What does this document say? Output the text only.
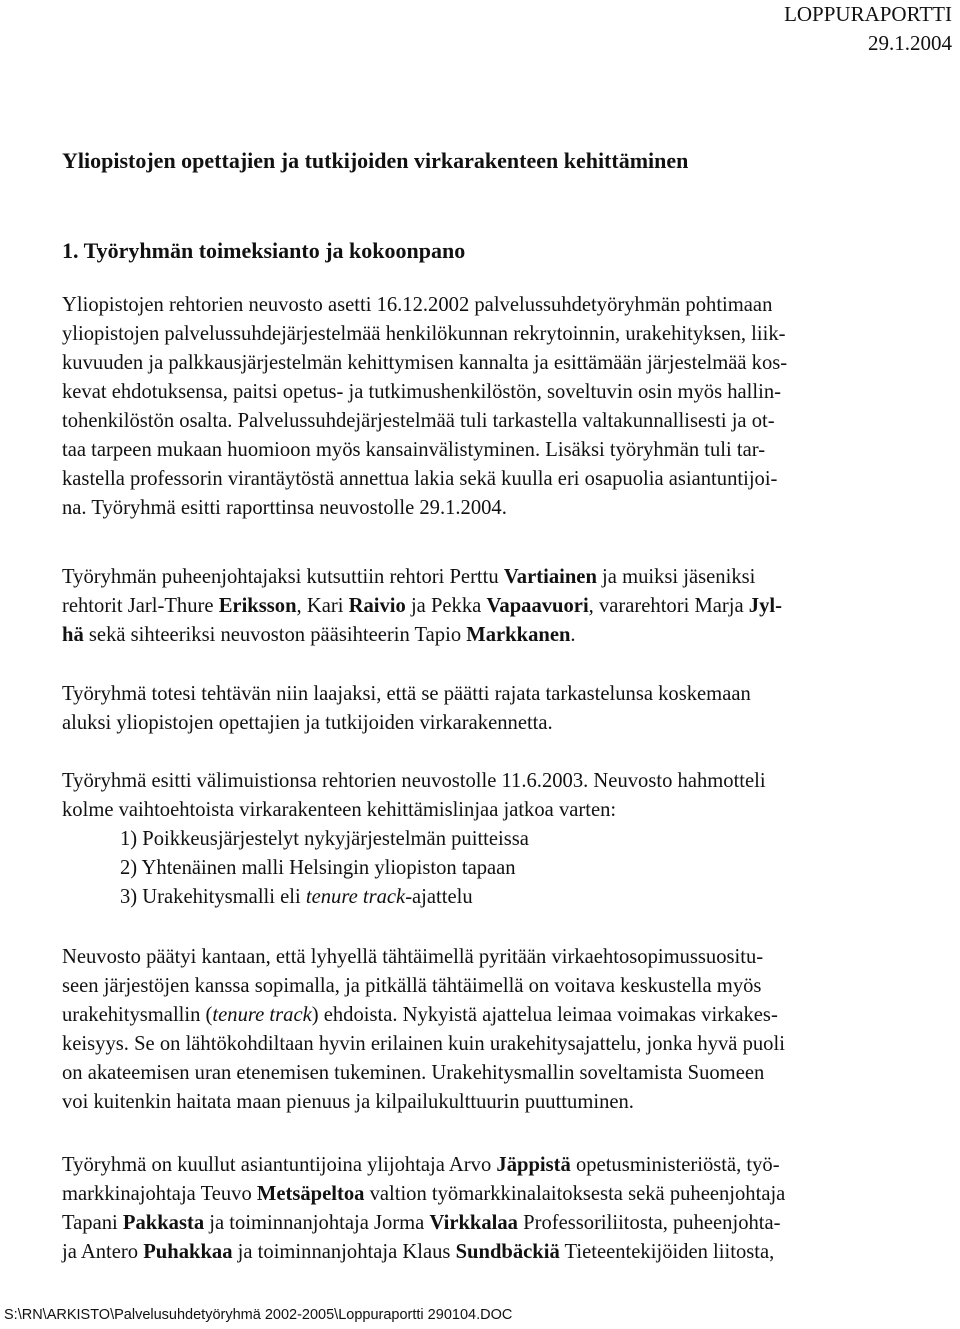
LOPPURAPORTTI
29.1.2004
Yliopistojen opettajien ja tutkijoiden virkarakenteen kehittäminen
1. Työryhmän toimeksianto ja kokoonpano
Yliopistojen rehtorien neuvosto asetti 16.12.2002 palvelussuhdetyöryhmän pohtimaan
yliopistojen palvelussuhdejärjestelmää henkilökunnan rekrytoinnin, urakehityksen, liik-
kuvuuden ja palkkausjärjestelmän kehittymisen kannalta ja esittämään järjestelmää kos-
kevat ehdotuksensa, paitsi opetus- ja tutkimushenkilöstön, soveltuvin osin myös hallin-
tohenkilöstön osalta. Palvelussuhdejärjestelmää tuli tarkastella valtakunnallisesti ja ot-
taa tarpeen mukaan huomioon myös kansainvälistyminen. Lisäksi työryhmän tuli tar-
kastella professorin virantäytöstä annettua lakia sekä kuulla eri osapuolia asiantuntijoi-
na. Työryhmä esitti raporttinsa neuvostolle 29.1.2004.
Työryhmän puheenjohtajaksi kutsuttiin rehtori Perttu Vartiainen ja muiksi jäseniksi
rehtorit Jarl-Thure Eriksson, Kari Raivio ja Pekka Vapaavuori, vararehtori Marja Jyl-
hä sekä sihteeriksi neuvoston pääsihteerin Tapio Markkanen.
Työryhmä totesi tehtävän niin laajaksi, että se päätti rajata tarkastelunsa koskemaan
aluksi yliopistojen opettajien ja tutkijoiden virkarakennetta.
Työryhmä esitti välimuistionsa rehtorien neuvostolle 11.6.2003. Neuvosto hahmotteli
kolme vaihtoehtoista virkarakenteen kehittämislinjaa jatkoa varten:
1) Poikkeusjärjestelyt nykyjärjestelmän puitteissa
2) Yhtenäinen malli Helsingin yliopiston tapaan
3) Urakehitysmalli eli tenure track-ajattelu
Neuvosto päätyi kantaan, että lyhyellä tähtäimellä pyritään virkaehtosopimussuositu-
seen järjestöjen kanssa sopimalla, ja pitkällä tähtäimellä on voitava keskustella myös
urakehitysmallin (tenure track) ehdoista. Nykyistä ajattelua leimaa voimakas virkakes-
keisyys. Se on lähtökohdiltaan hyvin erilainen kuin urakehitysajattelu, jonka hyvä puoli
on akateemisen uran etenemisen tukeminen. Urakehitysmallin soveltamista Suomeen
voi kuitenkin haitata maan pienuus ja kilpailukulttuurin puuttuminen.
Työryhmä on kuullut asiantuntijoina ylijohtaja Arvo Jäppistä opetusministeriöstä, työ-
markkinajohtaja Teuvo Metsäpeltoa valtion työmarkkinalaitoksesta sekä puheenjohtaja
Tapani Pakkasta ja toiminnanjohtaja Jorma Virkkalaa Professoriliitosta, puheenjohta-
ja Antero Puhakkaa ja toiminnanjohtaja Klaus Sundbäckiä Tieteentekijöiden liitosta,
S:\RN\ARKISTO\Palvelusuhdetyöryhmä 2002-2005\Loppuraportti 290104.DOC
